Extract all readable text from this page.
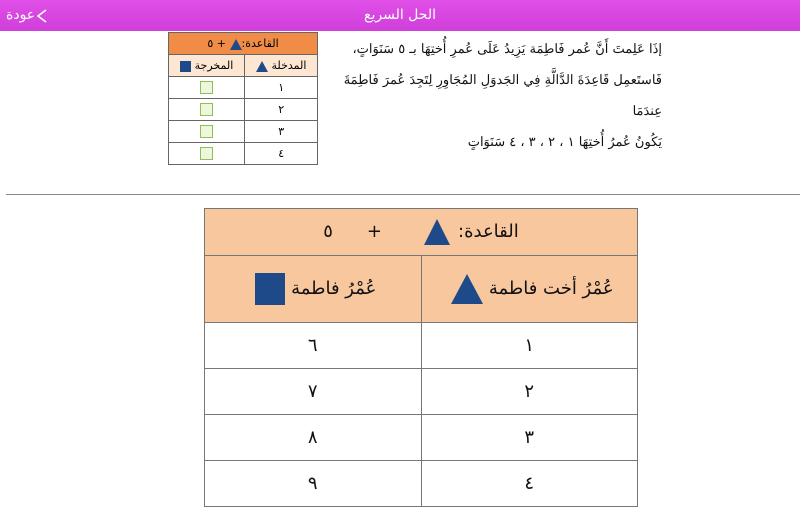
الحل السريع
عودة
إذَا عَلِمتَ أَنَّ عُمر فَاطِمَة يَزِيدُ عَلَى عُمرِ أُختِهَا بـ ٥ سَنَوَاتٍ،
فَاستَعمِل قَاعِدَةَ الدَّالَّةِ فِي الجَدوَلِ المُجَاوِرِ لِتَجِدَ عُمرَ فَاطِمَةَ عِندَمَا
يَكُونُ عُمرُ أُختِهَا ١ ، ٢ ، ٣ ، ٤ سَنَوَاتٍ
القاعدة: + ٥	
المدخلة	المخرجة
١	
٢	
٣	
٤	
القاعدة:+٥	
عُمْرُ أخت فاطمة	عُمْرُ فاطمة
١	٦
٢	٧
٣	٨
٤	٩
